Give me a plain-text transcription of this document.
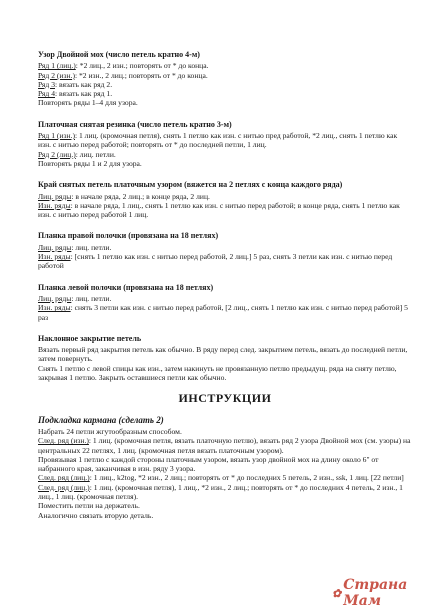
Узор Двойной мох (число петель кратно 4-м)
Ряд 1 (лиц.): *2 лиц., 2 изн.; повторять от * до конца.
Ряд 2 (изн.): *2 изн., 2 лиц.; повторять от * до конца.
Ряд 3: вязать как ряд 2.
Ряд 4: вязать как ряд 1.
Повторять ряды 1–4 для узора.
Платочная снятая резинка (число петель кратно 3-м)
Ряд 1 (изн.): 1 лиц. (кромочная петля), снять 1 петлю как изн. с нитью пред работой, *2 лиц., снять 1 петлю как изн. с нитью перед работой; повторять от * до последней петли, 1 лиц.
Ряд 2 (лиц.): лиц. петли.
Повторять ряды 1 и 2 для узора.
Край снятых петель платочным узором (вяжется на 2 петлях с конца каждого ряда)
Лиц. ряды: в начале ряда, 2 лиц.; в конце ряда, 2 лиц.
Изн. ряды: в начале ряда, 1 лиц., снять 1 петлю как изн. с нитью перед работой; в конце ряда, снять 1 петлю как изн. с нитью перед работой 1 лиц.
Планка правой полочки (провязана на 18 петлях)
Лиц. ряды: лиц. петли.
Изн. ряды: [снять 1 петлю как изн. с нитью перед работой, 2 лиц.] 5 раз, снять 3 петли как изн. с нитью перед работой
Планка левой полочки (провязана на 18 петлях)
Лиц. ряды: лиц. петли.
Изн. ряды: снять 3 петли как изн. с нитью перед работой, [2 лиц., снять 1 петлю как изн. с нитью перед работой] 5 раз
Наклонное закрытие петель
Вязать первый ряд закрытия петель как обычно. В ряду перед след. закрытием петель, вязать до последней петли, затем повернуть.
Снять 1 петлю с левой спицы как изн., затем накинуть не провязанную петлю предыдущ. ряда на сняту петлю, закрывая 1 петлю. Закрыть оставшиеся петли как обычно.
ИНСТРУКЦИИ
Подкладка кармана (сделать 2)
Набрать 24 петли жгутообразным способом.
След. ряд (изн.): 1 лиц. (кромочная петля, вязать платочную петлю), вязать ряд 2 узора Двойной мох (см. узоры) на центральных 22 петлях, 1 лиц. (кромочная петля вязать платочным узором).
Провязывая 1 петлю с каждой стороны платочным узором, вязать узор двойной мох на длину около 6" от набранного края, заканчивая в изн. ряду 3 узора.
След. ряд (лиц.): 1 лиц., k2tog, *2 изн., 2 лиц.; повторять от * до последних 5 петель, 2 изн., ssk, 1 лиц. [22 петли]
След. ряд (лиц.): 1 лиц. (кромочная петля), 1 лиц., *2 изн., 2 лиц.; повторять от * до последних 4 петель, 2 изн., 1 лиц., 1 лиц. (кромочная петля).
Поместить петли на держатель.
Аналогично связать вторую деталь.
✿ Страна Мам
